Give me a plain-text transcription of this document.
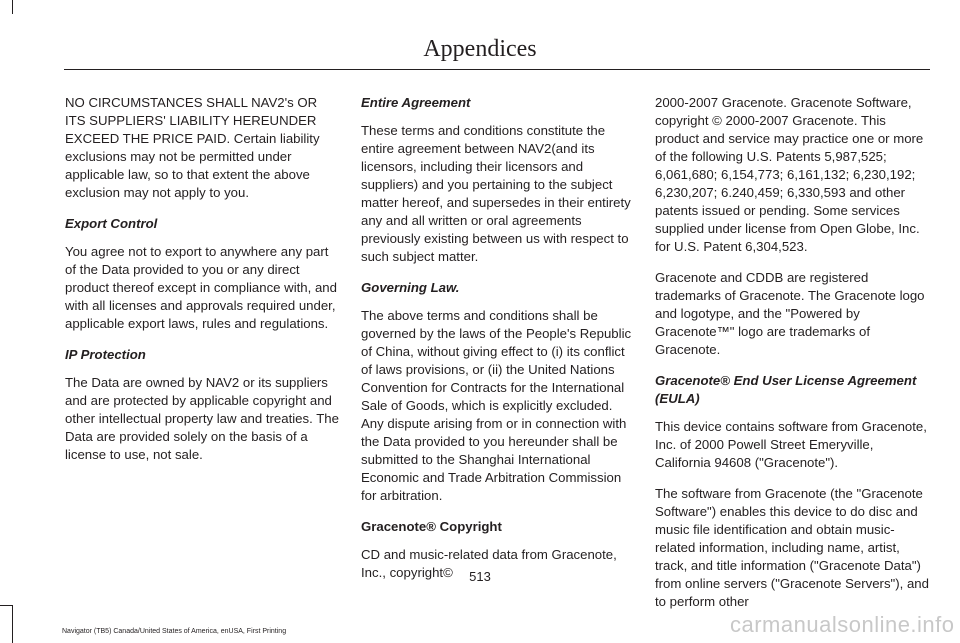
Appendices

NO CIRCUMSTANCES SHALL NAV2's OR ITS SUPPLIERS' LIABILITY HEREUNDER EXCEED THE PRICE PAID. Certain liability exclusions may not be permitted under applicable law, so to that extent the above exclusion may not apply to you.

Export Control

You agree not to export to anywhere any part of the Data provided to you or any direct product thereof except in compliance with, and with all licenses and approvals required under, applicable export laws, rules and regulations.

IP Protection

The Data are owned by NAV2 or its suppliers and are protected by applicable copyright and other intellectual property law and treaties. The Data are provided solely on the basis of a license to use, not sale.

Entire Agreement

These terms and conditions constitute the entire agreement between NAV2(and its licensors, including their licensors and suppliers) and you pertaining to the subject matter hereof, and supersedes in their entirety any and all written or oral agreements previously existing between us with respect to such subject matter.

Governing Law.

The above terms and conditions shall be governed by the laws of the People's Republic of China, without giving effect to (i) its conflict of laws provisions, or (ii) the United Nations Convention for Contracts for the International Sale of Goods, which is explicitly excluded. Any dispute arising from or in connection with the Data provided to you hereunder shall be submitted to the Shanghai International Economic and Trade Arbitration Commission for arbitration.

Gracenote® Copyright

CD and music-related data from Gracenote, Inc., copyright©

2000-2007 Gracenote. Gracenote Software, copyright © 2000-2007 Gracenote. This product and service may practice one or more of the following U.S. Patents 5,987,525; 6,061,680; 6,154,773; 6,161,132; 6,230,192; 6,230,207; 6.240,459; 6,330,593 and other patents issued or pending. Some services supplied under license from Open Globe, Inc. for U.S. Patent 6,304,523.

Gracenote and CDDB are registered trademarks of Gracenote. The Gracenote logo and logotype, and the "Powered by Gracenote™" logo are trademarks of Gracenote.

Gracenote® End User License Agreement (EULA)

This device contains software from Gracenote, Inc. of 2000 Powell Street Emeryville, California 94608 ("Gracenote").

The software from Gracenote (the "Gracenote Software") enables this device to do disc and music file identification and obtain music-related information, including name, artist, track, and title information ("Gracenote Data") from online servers ("Gracenote Servers"), and to perform other

513
Navigator (TB5) Canada/United States of America, enUSA, First Printing	carmanualsonline.info
